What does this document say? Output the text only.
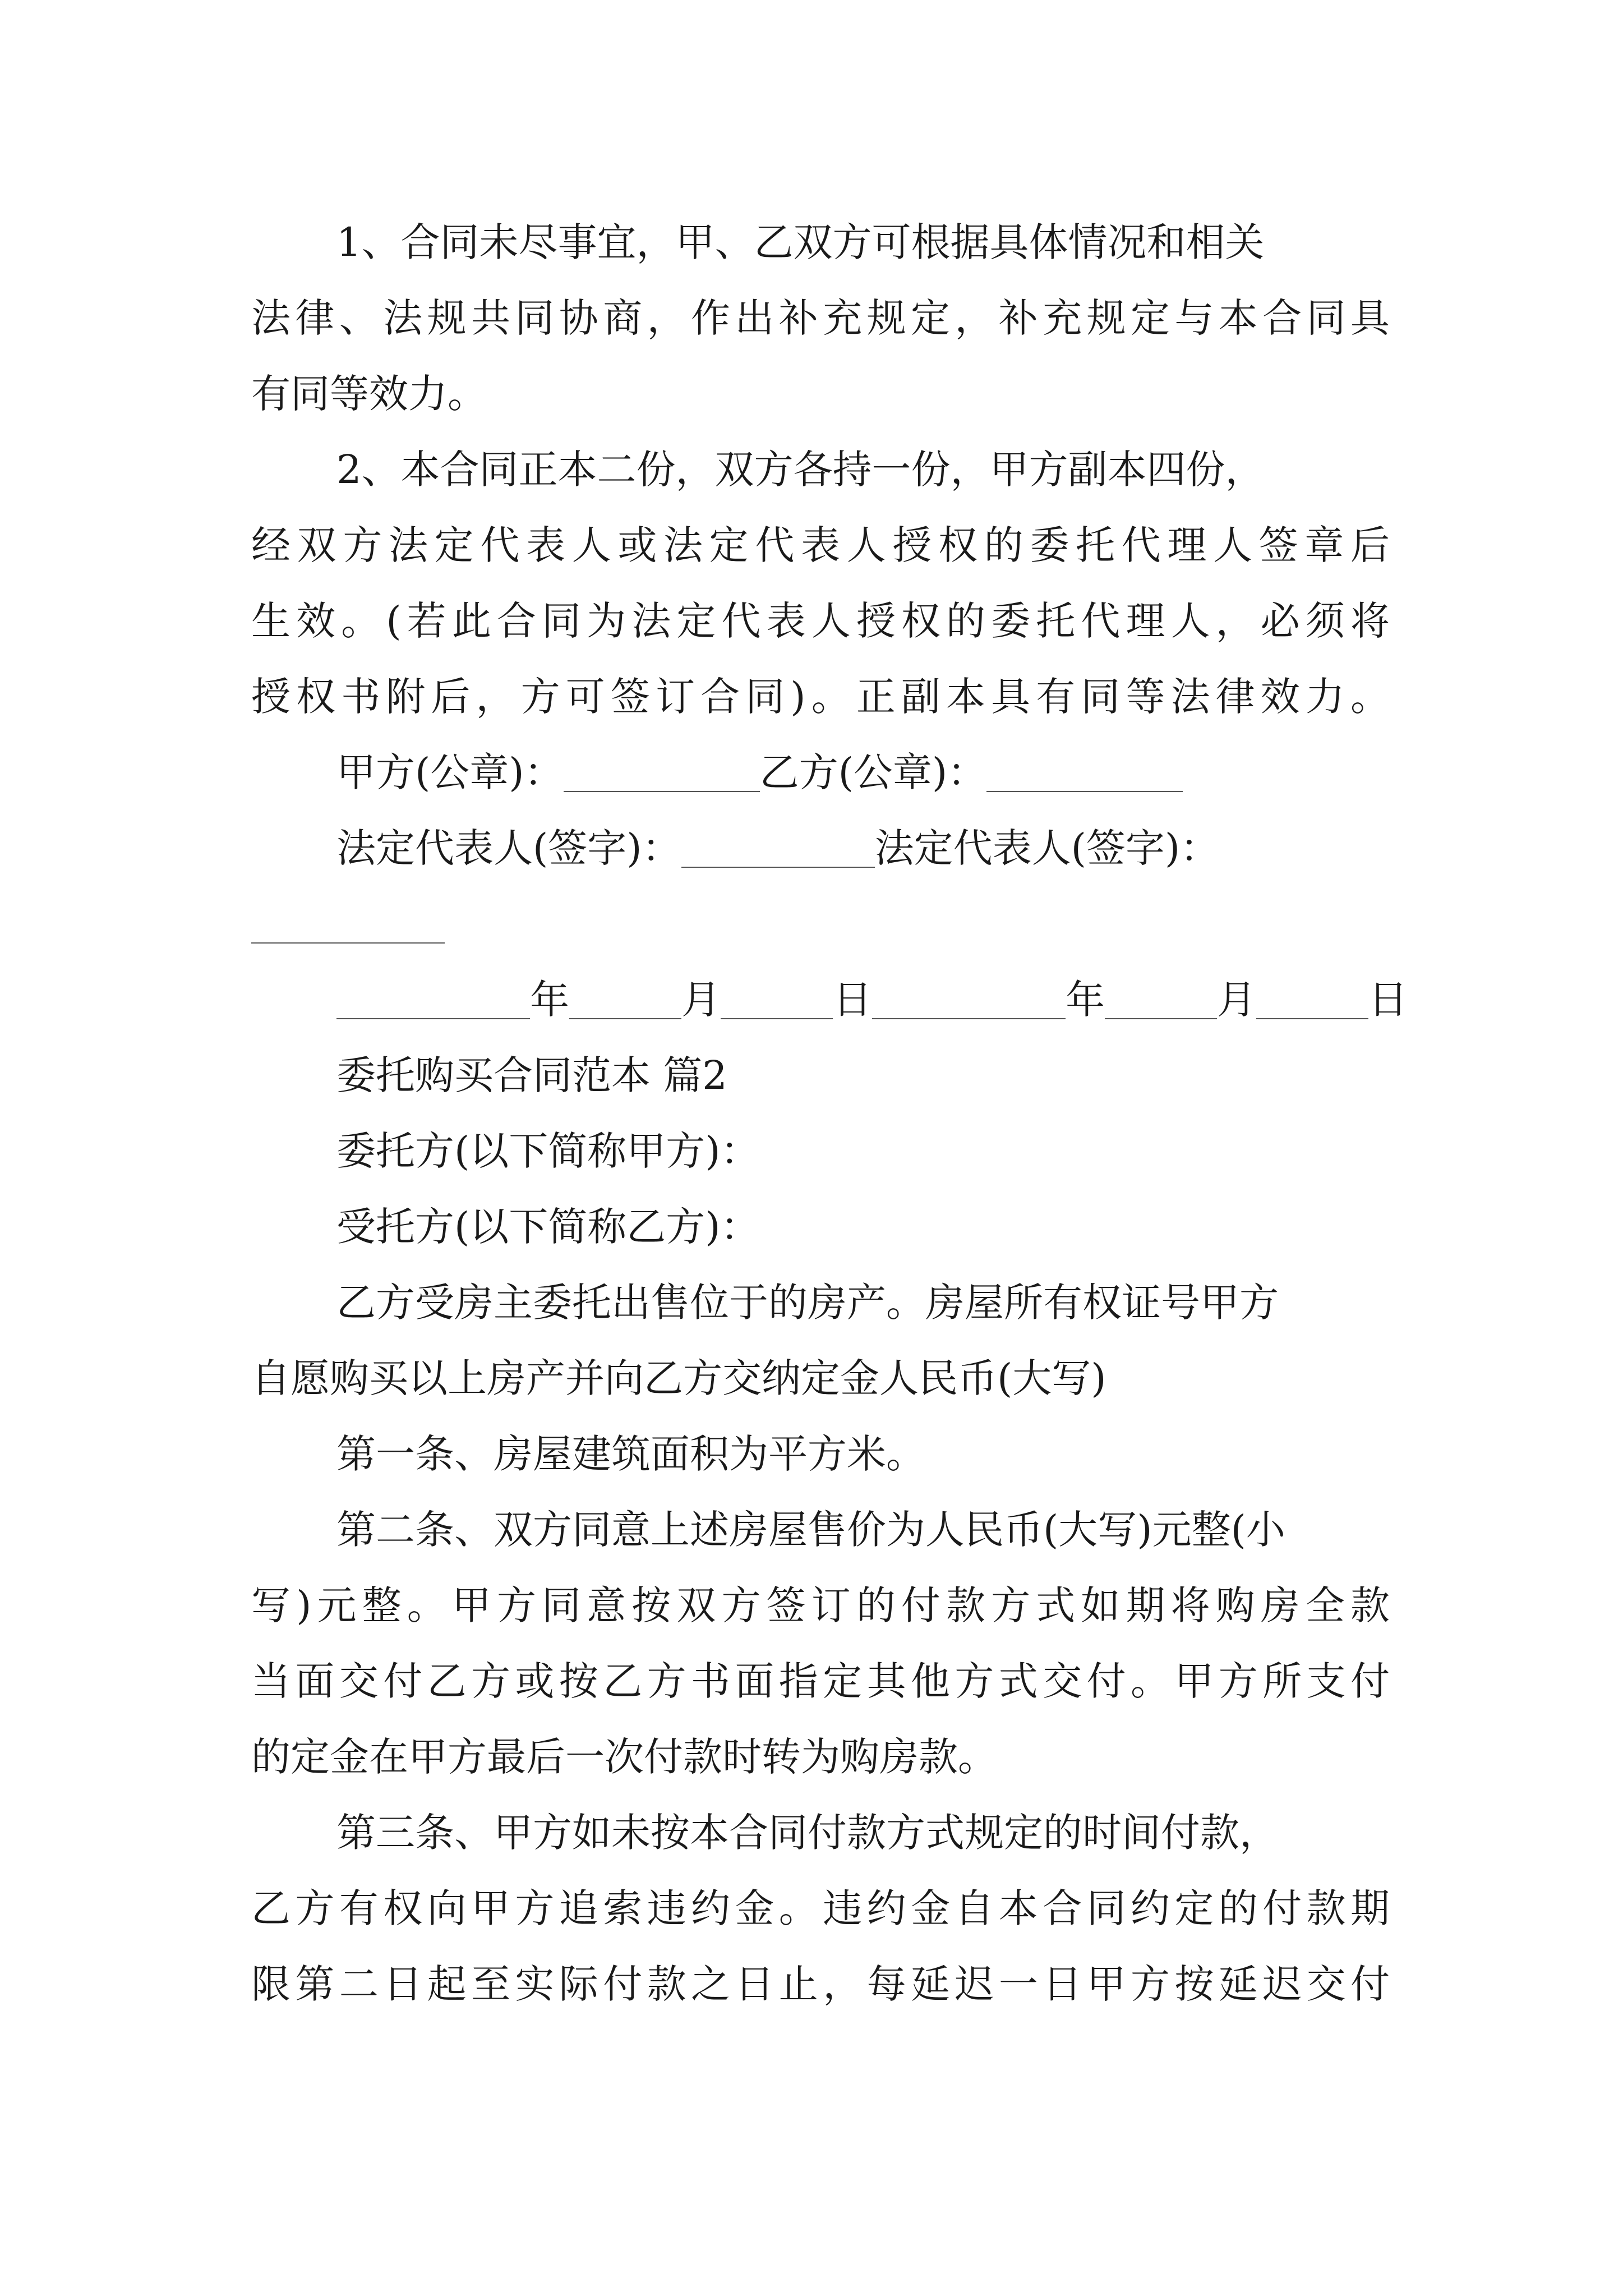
1、合同未尽事宜，甲、乙双方可根据具体情况和相关
法律、法规共同协商，作出补充规定，补充规定与本合同具
有同等效力。
2、本合同正本二份，双方各持一份，甲方副本四份，
经双方法定代表人或法定代表人授权的委托代理人签章后
生效。(若此合同为法定代表人授权的委托代理人，必须将
授权书附后，方可签订合同)。正副本具有同等法律效力。
甲方(公章)：	乙方(公章)：
法定代表人(签字)：	法定代表人(签字)：
年	月	日	年	月	日
委托购买合同范本 篇2
委托方(以下简称甲方)：
受托方(以下简称乙方)：
乙方受房主委托出售位于的房产。房屋所有权证号甲方
自愿购买以上房产并向乙方交纳定金人民币(大写)
第一条、房屋建筑面积为平方米。
第二条、双方同意上述房屋售价为人民币(大写)元整(小
写)元整。甲方同意按双方签订的付款方式如期将购房全款
当面交付乙方或按乙方书面指定其他方式交付。甲方所支付
的定金在甲方最后一次付款时转为购房款。
第三条、甲方如未按本合同付款方式规定的时间付款，
乙方有权向甲方追索违约金。违约金自本合同约定的付款期
限第二日起至实际付款之日止，每延迟一日甲方按延迟交付
